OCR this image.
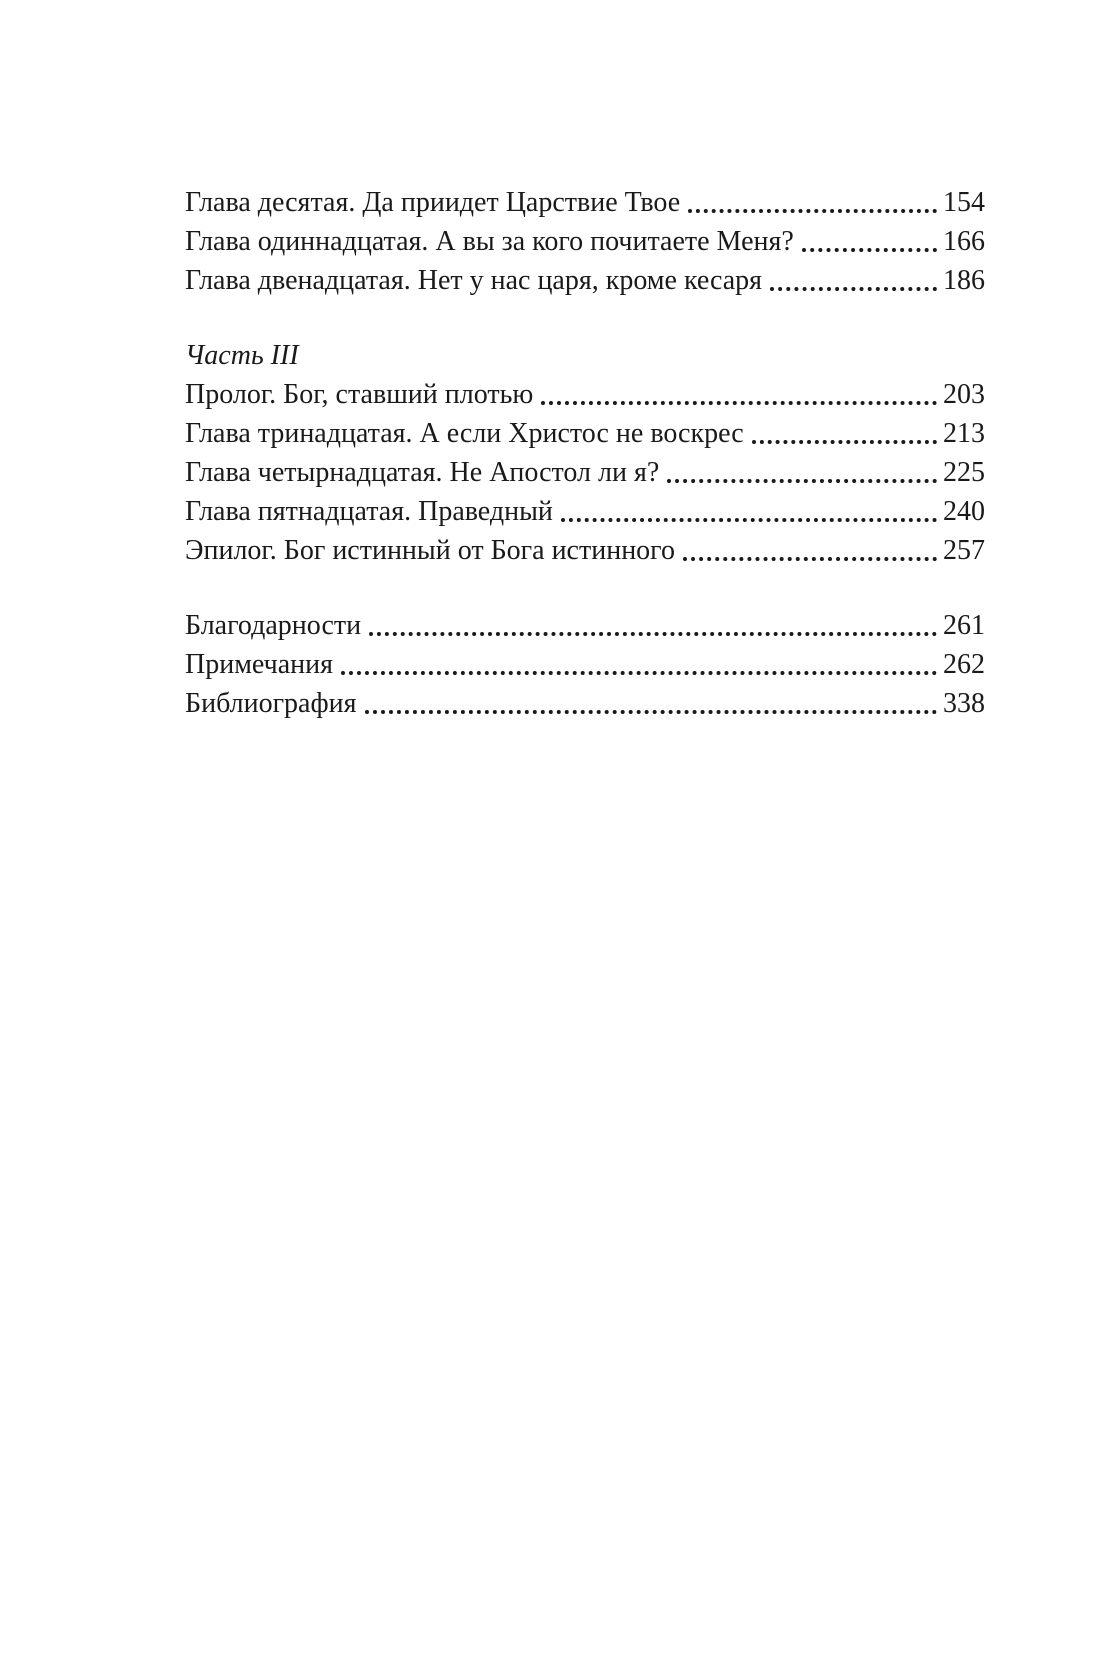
Глава десятая. Да приидет Царствие Твое	154
Глава одиннадцатая. А вы за кого почитаете Меня?	166
Глава двенадцатая. Нет у нас царя, кроме кесаря	186
Часть III
Пролог. Бог, ставший плотью	203
Глава тринадцатая. А если Христос не воскрес	213
Глава четырнадцатая. Не Апостол ли я?	225
Глава пятнадцатая. Праведный	240
Эпилог. Бог истинный от Бога истинного	257
Благодарности	261
Примечания	262
Библиография	338
